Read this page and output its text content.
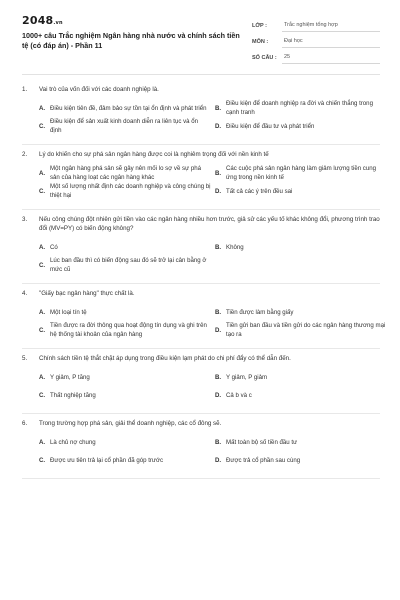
2048.vn
1000+ câu Trắc nghiệm Ngân hàng nhà nước và chính sách tiền tệ (có đáp án) - Phần 11
LỚP :	Trắc nghiệm tổng hợp
MÔN :	Đại học
SỐ CÂU :	25
1.	Vai trò của vốn đối với các doanh nghiệp là.
A. Điều kiện tiên đề, đảm bảo sự tồn tại ổn định và phát triển	B.
Điều kiện để doanh nghiệp ra đời và chiến thắng trong cạnh tranh
C.
Điều kiện để sản xuất kinh doanh diễn ra liên tục và ổn định
D. Điều kiện để đầu tư và phát triển
2.	Lý do khiến cho sự phá sản ngân hàng được coi là nghiêm trọng đối với nền kinh tế
A.
Một ngân hàng phá sản sẽ gây nên mối lo sợ về sự phá sản của hàng loạt các ngân hàng khác
B.
Các cuộc phá sản ngân hàng làm giảm lượng tiền cung ứng trong nền kinh tế
C.
Một số lượng nhất định các doanh nghiệp và công chúng bị thiệt hại
D. Tất cả các ý trên đều sai
3.	Nếu công chúng đột nhiên gửi tiền vào các ngân hàng nhiều hơn trước, giả sử các yếu tố khác không đổi, phương trình trao đổi (MV=PY) có biến động không?
A. Có	B. Không
C.
Lúc ban đầu thì có biến động sau đó sẽ trở lại cân bằng ở mức cũ
4.	"Giấy bạc ngân hàng" thực chất là.
A. Một loại tín tệ	B. Tiền được làm bằng giấy
C.
Tiền được ra đời thông qua hoạt động tín dụng và ghi trên hệ thống tài khoản của ngân hàng
D.
Tiền gửi ban đầu và tiền gửi do các ngân hàng thương mại tạo ra
5.	Chính sách tiền tệ thắt chặt áp dụng trong điều kiện lạm phát do chi phí đẩy có thể dẫn đến.
A. Y giảm, P tăng	B. Y giảm, P giảm
C. Thất nghiệp tăng	D. Cả b và c
6.	Trong trường hợp phá sản, giải thể doanh nghiệp, các cổ đông sẽ.
A. Là chủ nợ chung	B. Mất toàn bộ số tiền đầu tư
C. Được ưu tiên trả lại cổ phần đã góp trước	D. Được trả cổ phần sau cùng
